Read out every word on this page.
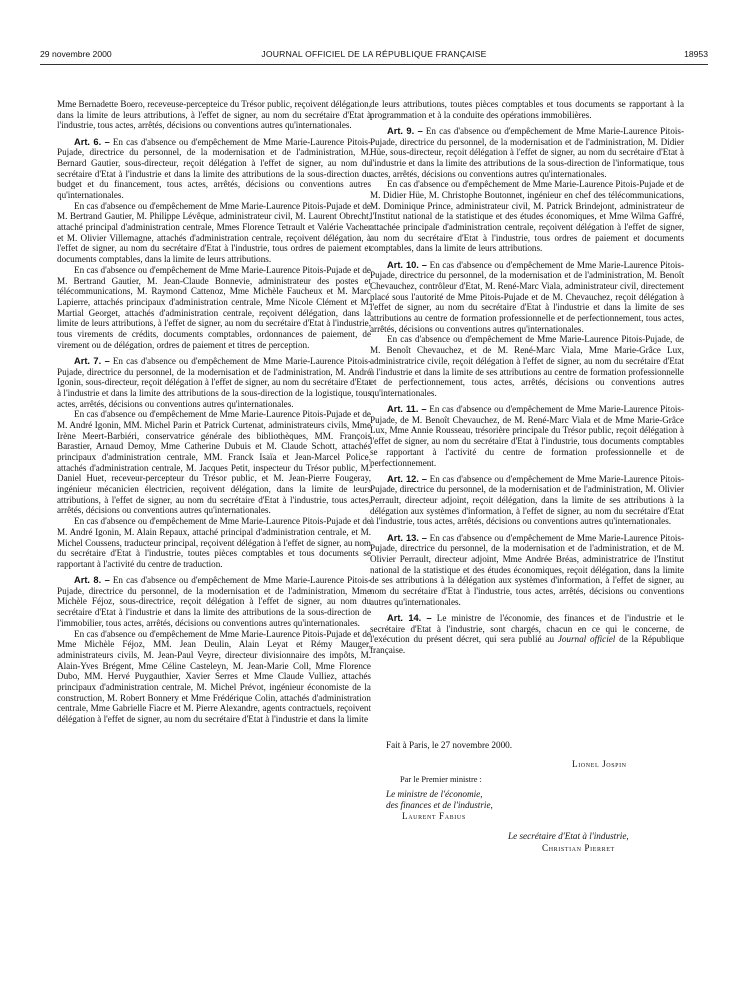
29 novembre 2000	JOURNAL OFFICIEL DE LA RÉPUBLIQUE FRANÇAISE	18953

Mme Bernadette Boero, receveuse-percepteice du Trésor public, reçoivent délégation, dans la limite de leurs attributions, à l'effet de signer, au nom du secrétaire d'Etat à l'industrie, tous actes, arrêtés, décisions ou conventions autres qu'internationales.

Art. 6. – En cas d'absence ou d'empêchement de Mme Marie-Laurence Pitois-Pujade, directrice du personnel, de la modernisation et de l'administration, M. Bernard Gautier, sous-directeur, reçoit délégation à l'effet de signer, au nom du secrétaire d'Etat à l'industrie et dans la limite des attributions de la sous-direction du budget et du financement, tous actes, arrêtés, décisions ou conventions autres qu'internationales.

En cas d'absence ou d'empêchement de Mme Marie-Laurence Pitois-Pujade et de M. Bertrand Gautier, M. Philippe Lévêque, administrateur civil, M. Laurent Obrecht, attaché principal d'administration centrale, Mmes Florence Tetrault et Valérie Vacher et M. Olivier Villemagne, attachés d'administration centrale, reçoivent délégation, à l'effet de signer, au nom du secrétaire d'Etat à l'industrie, tous ordres de paiement et documents comptables, dans la limite de leurs attributions.

En cas d'absence ou d'empêchement de Mme Marie-Laurence Pitois-Pujade et de M. Bertrand Gautier, M. Jean-Claude Bonnevie, administrateur des postes et télécommunications, M. Raymond Cattenoz, Mme Michèle Faucheux et M. Marc Lapierre, attachés principaux d'administration centrale, Mme Nicole Clément et M. Martial Georget, attachés d'administration centrale, reçoivent délégation, dans la limite de leurs attributions, à l'effet de signer, au nom du secrétaire d'Etat à l'industrie, tous virements de crédits, documents comptables, ordonnances de paiement, de virement ou de délégation, ordres de paiement et titres de perception.

Art. 7. – En cas d'absence ou d'empêchement de Mme Marie-Laurence Pitois-Pujade, directrice du personnel, de la modernisation et de l'administration, M. André Igonin, sous-directeur, reçoit délégation à l'effet de signer, au nom du secrétaire d'Etat à l'industrie et dans la limite des attributions de la sous-direction de la logistique, tous actes, arrêtés, décisions ou conventions autres qu'internationales.

En cas d'absence ou d'empêchement de Mme Marie-Laurence Pitois-Pujade et de M. André Igonin, MM. Michel Parin et Patrick Curtenat, administrateurs civils, Mme Irène Meert-Barbiéri, conservatrice générale des bibliothèques, MM. François Barastier, Arnaud Demoy, Mme Catherine Dubuis et M. Claude Schott, attachés principaux d'administration centrale, MM. Franck Isaïa et Jean-Marcel Police, attachés d'administration centrale, M. Jacques Petit, inspecteur du Trésor public, M. Daniel Huet, receveur-percepteur du Trésor public, et M. Jean-Pierre Fougeray, ingénieur mécanicien électricien, reçoivent délégation, dans la limite de leurs attributions, à l'effet de signer, au nom du secrétaire d'Etat à l'industrie, tous actes, arrêtés, décisions ou conventions autres qu'internationales.

En cas d'absence ou d'empêchement de Mme Marie-Laurence Pitois-Pujade et de M. André Igonin, M. Alain Repaux, attaché principal d'administration centrale, et M. Michel Coussens, traducteur principal, reçoivent délégation à l'effet de signer, au nom du secrétaire d'Etat à l'industrie, toutes pièces comptables et tous documents se rapportant à l'activité du centre de traduction.

Art. 8. – En cas d'absence ou d'empêchement de Mme Marie-Laurence Pitois-Pujade, directrice du personnel, de la modernisation et de l'administration, Mme Michèle Féjoz, sous-directrice, reçoit délégation à l'effet de signer, au nom du secrétaire d'Etat à l'industrie et dans la limite des attributions de la sous-direction de l'immobilier, tous actes, arrêtés, décisions ou conventions autres qu'internationales.

En cas d'absence ou d'empêchement de Mme Marie-Laurence Pitois-Pujade et de Mme Michèle Féjoz, MM. Jean Deulin, Alain Leyat et Rémy Mauger, administrateurs civils, M. Jean-Paul Veyre, directeur divisionnaire des impôts, M. Alain-Yves Brégent, Mme Céline Casteleyn, M. Jean-Marie Coll, Mme Florence Dubo, MM. Hervé Puygauthier, Xavier Serres et Mme Claude Vulliez, attachés principaux d'administration centrale, M. Michel Prévot, ingénieur économiste de la construction, M. Robert Bonnery et Mme Frédérique Colin, attachés d'administration centrale, Mme Gabrielle Fiacre et M. Pierre Alexandre, agents contractuels, reçoivent délégation à l'effet de signer, au nom du secrétaire d'Etat à l'industrie et dans la limite

de leurs attributions, toutes pièces comptables et tous documents se rapportant à la programmation et à la conduite des opérations immobilières.

Art. 9. – En cas d'absence ou d'empêchement de Mme Marie-Laurence Pitois-Pujade, directrice du personnel, de la modernisation et de l'administration, M. Didier Hüe, sous-directeur, reçoit délégation à l'effet de signer, au nom du secrétaire d'Etat à l'industrie et dans la limite des attributions de la sous-direction de l'informatique, tous actes, arrêtés, décisions ou conventions autres qu'internationales.

En cas d'absence ou d'empêchement de Mme Marie-Laurence Pitois-Pujade et de M. Didier Hüe, M. Christophe Boutonnet, ingénieur en chef des télécommunications, M. Dominique Prince, administrateur civil, M. Patrick Brindejont, administrateur de l'Institut national de la statistique et des études économiques, et Mme Wilma Gaffré, attachée principale d'administration centrale, reçoivent délégation à l'effet de signer, au nom du secrétaire d'Etat à l'industrie, tous ordres de paiement et documents comptables, dans la limite de leurs attributions.

Art. 10. – En cas d'absence ou d'empêchement de Mme Marie-Laurence Pitois-Pujade, directrice du personnel, de la modernisation et de l'administration, M. Benoît Chevauchez, contrôleur d'Etat, M. René-Marc Viala, administrateur civil, directement placé sous l'autorité de Mme Pitois-Pujade et de M. Chevauchez, reçoit délégation à l'effet de signer, au nom du secrétaire d'Etat à l'industrie et dans la limite de ses attributions au centre de formation professionnelle et de perfectionnement, tous actes, arrêtés, décisions ou conventions autres qu'internationales.

En cas d'absence ou d'empêchement de Mme Marie-Laurence Pitois-Pujade, de M. Benoît Chevauchez, et de M. René-Marc Viala, Mme Marie-Grâce Lux, administratrice civile, reçoit délégation à l'effet de signer, au nom du secrétaire d'Etat à l'industrie et dans la limite de ses attributions au centre de formation professionnelle et de perfectionnement, tous actes, arrêtés, décisions ou conventions autres qu'internationales.

Art. 11. – En cas d'absence ou d'empêchement de Mme Marie-Laurence Pitois-Pujade, de M. Benoît Chevauchez, de M. René-Marc Viala et de Mme Marie-Grâce Lux, Mme Annie Rousseau, trésorière principale du Trésor public, reçoit délégation à l'effet de signer, au nom du secrétaire d'Etat à l'industrie, tous documents comptables se rapportant à l'activité du centre de formation professionnelle et de perfectionnement.

Art. 12. – En cas d'absence ou d'empêchement de Mme Marie-Laurence Pitois-Pujade, directrice du personnel, de la modernisation et de l'administration, M. Olivier Perrault, directeur adjoint, reçoit délégation, dans la limite de ses attributions à la délégation aux systèmes d'information, à l'effet de signer, au nom du secrétaire d'Etat à l'industrie, tous actes, arrêtés, décisions ou conventions autres qu'internationales.

Art. 13. – En cas d'absence ou d'empêchement de Mme Marie-Laurence Pitois-Pujade, directrice du personnel, de la modernisation et de l'administration, et de M. Olivier Perrault, directeur adjoint, Mme Andrée Bréas, administratrice de l'Institut national de la statistique et des études économiques, reçoit délégation, dans la limite de ses attributions à la délégation aux systèmes d'information, à l'effet de signer, au nom du secrétaire d'Etat à l'industrie, tous actes, arrêtés, décisions ou conventions autres qu'internationales.

Art. 14. – Le ministre de l'économie, des finances et de l'industrie et le secrétaire d'Etat à l'industrie, sont chargés, chacun en ce qui le concerne, de l'exécution du présent décret, qui sera publié au Journal officiel de la République française.

Fait à Paris, le 27 novembre 2000.
Lionel Jospin
Par le Premier ministre :
Le ministre de l'économie,
des finances et de l'industrie,
Laurent Fabius
Le secrétaire d'Etat à l'industrie,
Christian Pierret
